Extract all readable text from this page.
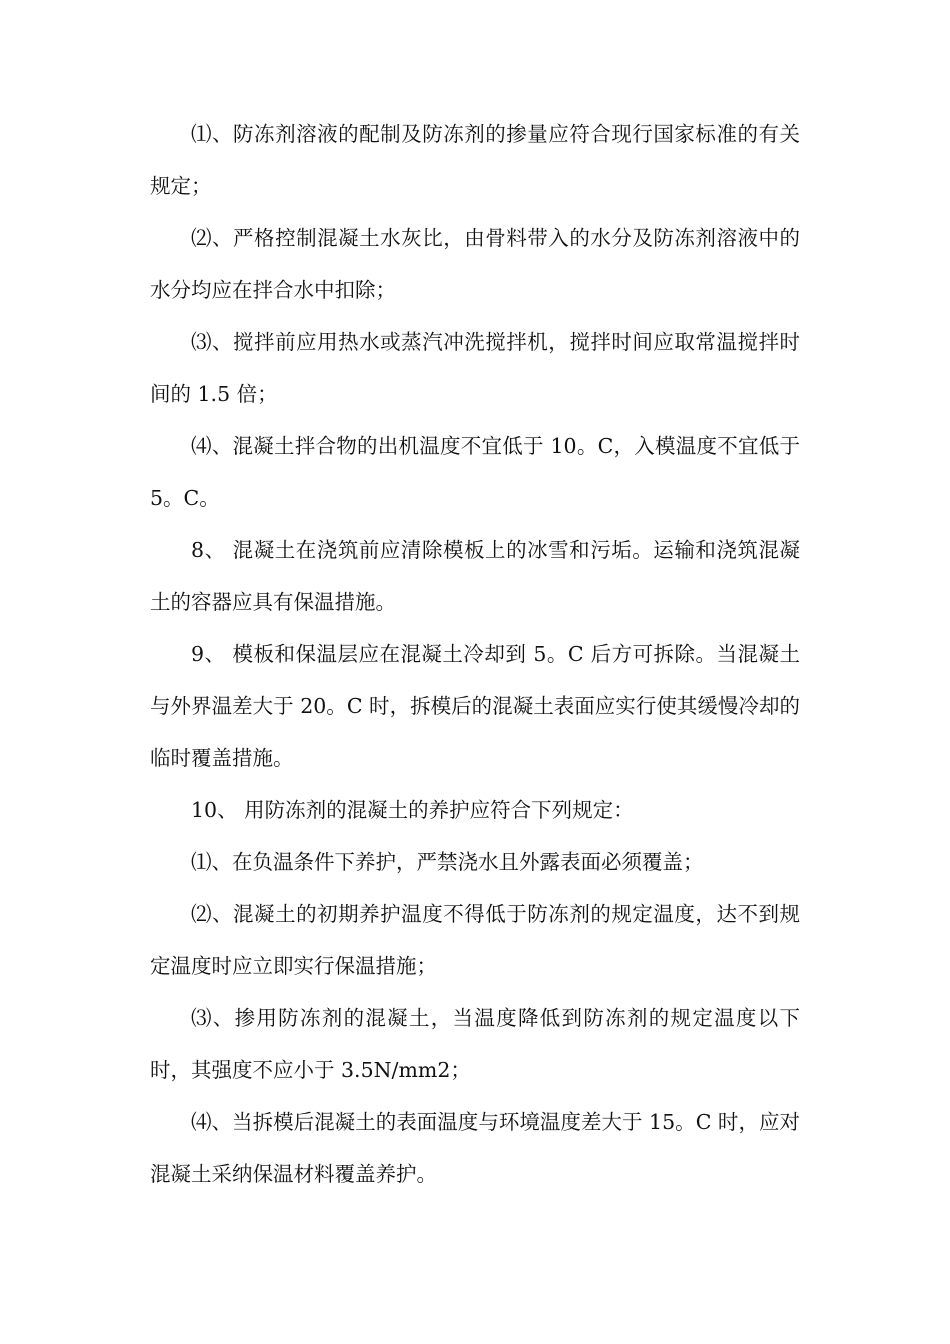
⑴、防冻剂溶液的配制及防冻剂的掺量应符合现行国家标准的有关规定；

⑵、严格控制混凝土水灰比，由骨料带入的水分及防冻剂溶液中的水分均应在拌合水中扣除；

⑶、搅拌前应用热水或蒸汽冲洗搅拌机，搅拌时间应取常温搅拌时间的 1.5 倍；

⑷、混凝土拌合物的出机温度不宜低于 10。C，入模温度不宜低于 5。C。

8、 混凝土在浇筑前应清除模板上的冰雪和污垢。运输和浇筑混凝土的容器应具有保温措施。

9、 模板和保温层应在混凝土冷却到 5。C 后方可拆除。当混凝土与外界温差大于 20。C 时，拆模后的混凝土表面应实行使其缓慢冷却的临时覆盖措施。

10、 用防冻剂的混凝土的养护应符合下列规定：

⑴、在负温条件下养护，严禁浇水且外露表面必须覆盖；

⑵、混凝土的初期养护温度不得低于防冻剂的规定温度，达不到规定温度时应立即实行保温措施；

⑶、掺用防冻剂的混凝土，当温度降低到防冻剂的规定温度以下时，其强度不应小于 3.5N/mm2；

⑷、当拆模后混凝土的表面温度与环境温度差大于 15。C 时，应对混凝土采纳保温材料覆盖养护。
